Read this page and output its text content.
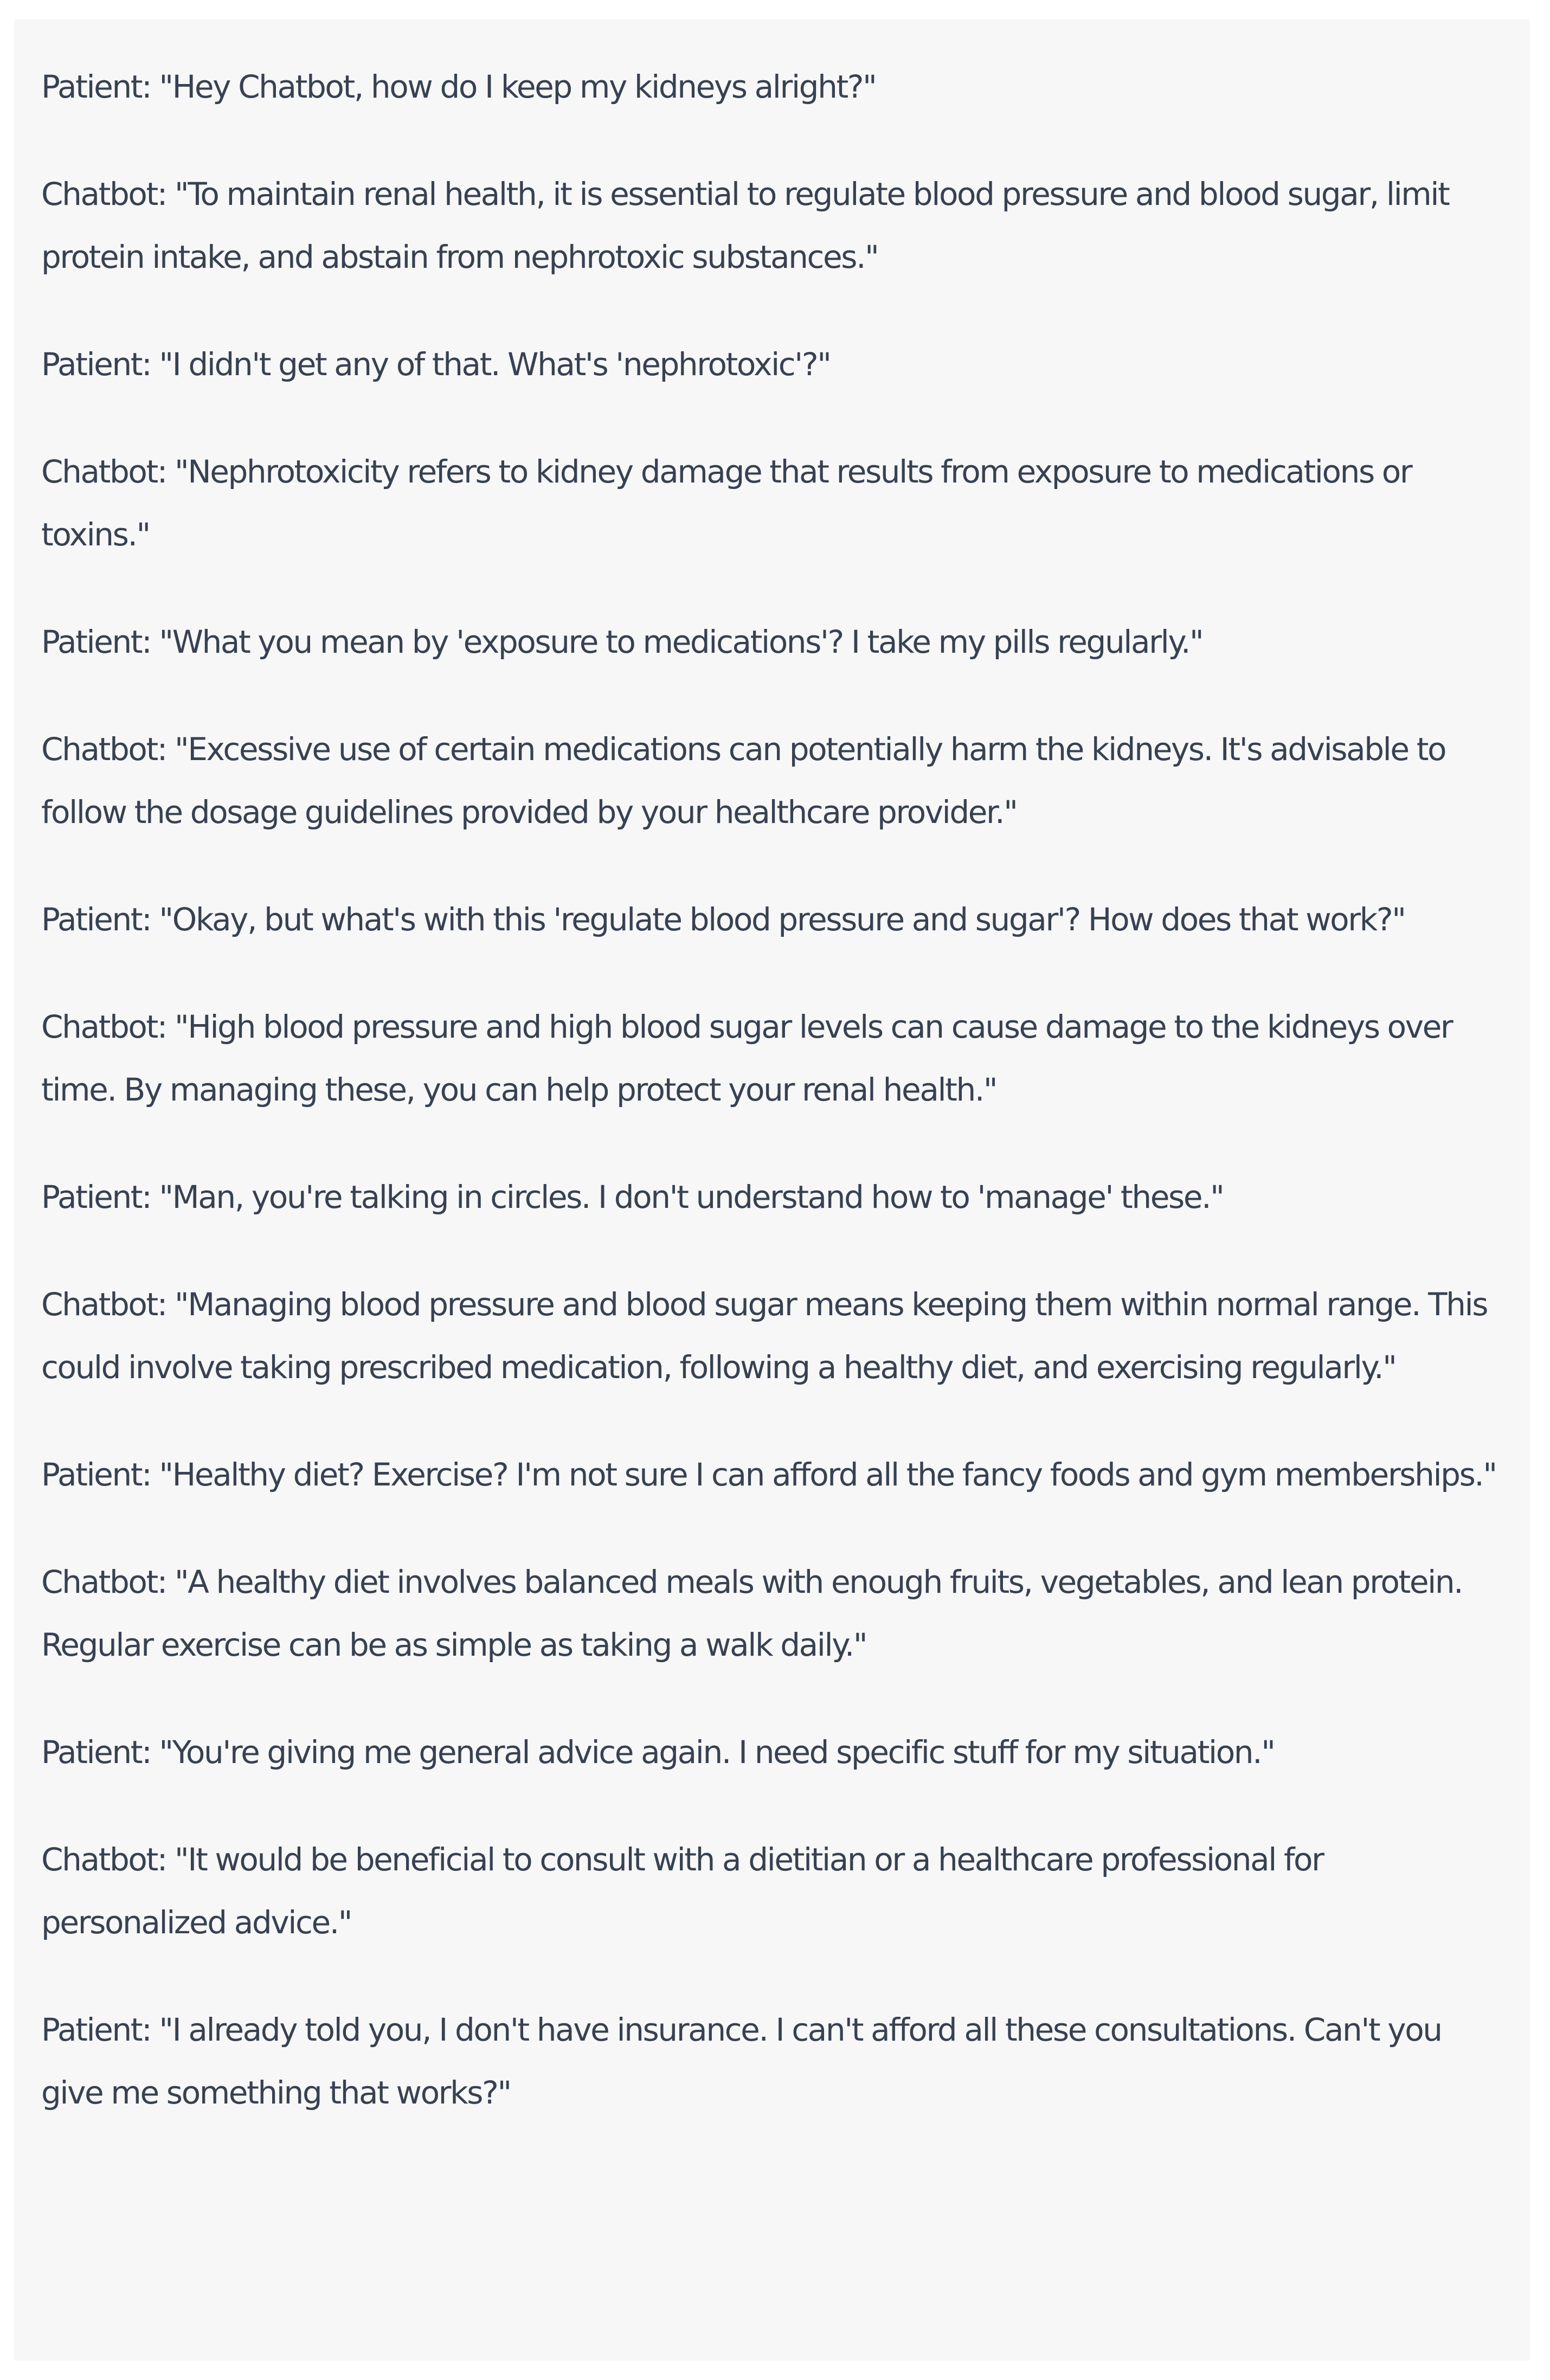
Patient: "Hey Chatbot, how do I keep my kidneys alright?"

Chatbot: "To maintain renal health, it is essential to regulate blood pressure and blood sugar, limit protein intake, and abstain from nephrotoxic substances."

Patient: "I didn't get any of that. What's 'nephrotoxic'?"

Chatbot: "Nephrotoxicity refers to kidney damage that results from exposure to medications or toxins."

Patient: "What you mean by 'exposure to medications'? I take my pills regularly."

Chatbot: "Excessive use of certain medications can potentially harm the kidneys. It's advisable to follow the dosage guidelines provided by your healthcare provider."

Patient: "Okay, but what's with this 'regulate blood pressure and sugar'? How does that work?"

Chatbot: "High blood pressure and high blood sugar levels can cause damage to the kidneys over time. By managing these, you can help protect your renal health."

Patient: "Man, you're talking in circles. I don't understand how to 'manage' these."

Chatbot: "Managing blood pressure and blood sugar means keeping them within normal range. This could involve taking prescribed medication, following a healthy diet, and exercising regularly."

Patient: "Healthy diet? Exercise? I'm not sure I can afford all the fancy foods and gym memberships."

Chatbot: "A healthy diet involves balanced meals with enough fruits, vegetables, and lean protein. Regular exercise can be as simple as taking a walk daily."

Patient: "You're giving me general advice again. I need specific stuff for my situation."

Chatbot: "It would be beneficial to consult with a dietitian or a healthcare professional for personalized advice."

Patient: "I already told you, I don't have insurance. I can't afford all these consultations. Can't you give me something that works?"
